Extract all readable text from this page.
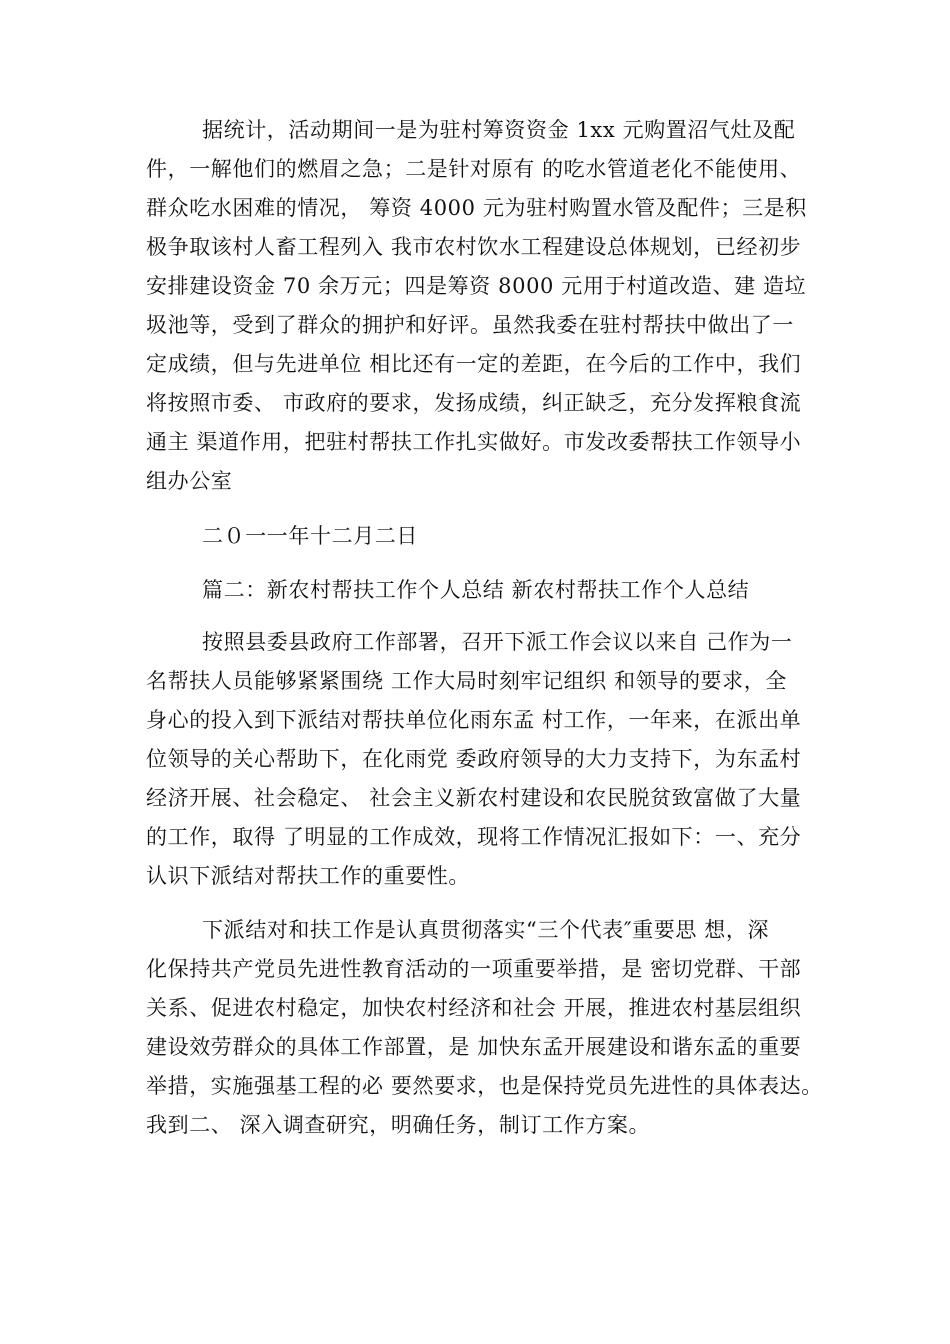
据统计，活动期间一是为驻村筹资资金 1xx 元购置沼气灶及配
件，一解他们的燃眉之急；二是针对原有 的吃水管道老化不能使用、
群众吃水困难的情况， 筹资 4000 元为驻村购置水管及配件；三是积
极争取该村人畜工程列入 我市农村饮水工程建设总体规划，已经初步
安排建设资金 70 余万元；四是筹资 8000 元用于村道改造、建 造垃
圾池等，受到了群众的拥护和好评。虽然我委在驻村帮扶中做出了一
定成绩，但与先进单位 相比还有一定的差距，在今后的工作中，我们
将按照市委、 市政府的要求，发扬成绩，纠正缺乏，充分发挥粮食流
通主 渠道作用，把驻村帮扶工作扎实做好。市发改委帮扶工作领导小
组办公室
二０一一年十二月二日
篇二：新农村帮扶工作个人总结 新农村帮扶工作个人总结
按照县委县政府工作部署，召开下派工作会议以来自 己作为一
名帮扶人员能够紧紧围绕 工作大局时刻牢记组织 和领导的要求，全
身心的投入到下派结对帮扶单位化雨东孟 村工作，一年来，在派出单
位领导的关心帮助下，在化雨党 委政府领导的大力支持下，为东孟村
经济开展、社会稳定、 社会主义新农村建设和农民脱贫致富做了大量
的工作，取得 了明显的工作成效，现将工作情况汇报如下：一、充分
认识下派结对帮扶工作的重要性。
下派结对和扶工作是认真贯彻落实“三个代表″重要思 想，深
化保持共产党员先进性教育活动的一项重要举措，是 密切党群、干部
关系、促进农村稳定，加快农村经济和社会 开展，推进农村基层组织
建设效劳群众的具体工作部置，是 加快东孟开展建设和谐东孟的重要
举措，实施强基工程的必 要然要求，也是保持党员先进性的具体表达。
我到二、 深入调查研究，明确任务，制订工作方案。
